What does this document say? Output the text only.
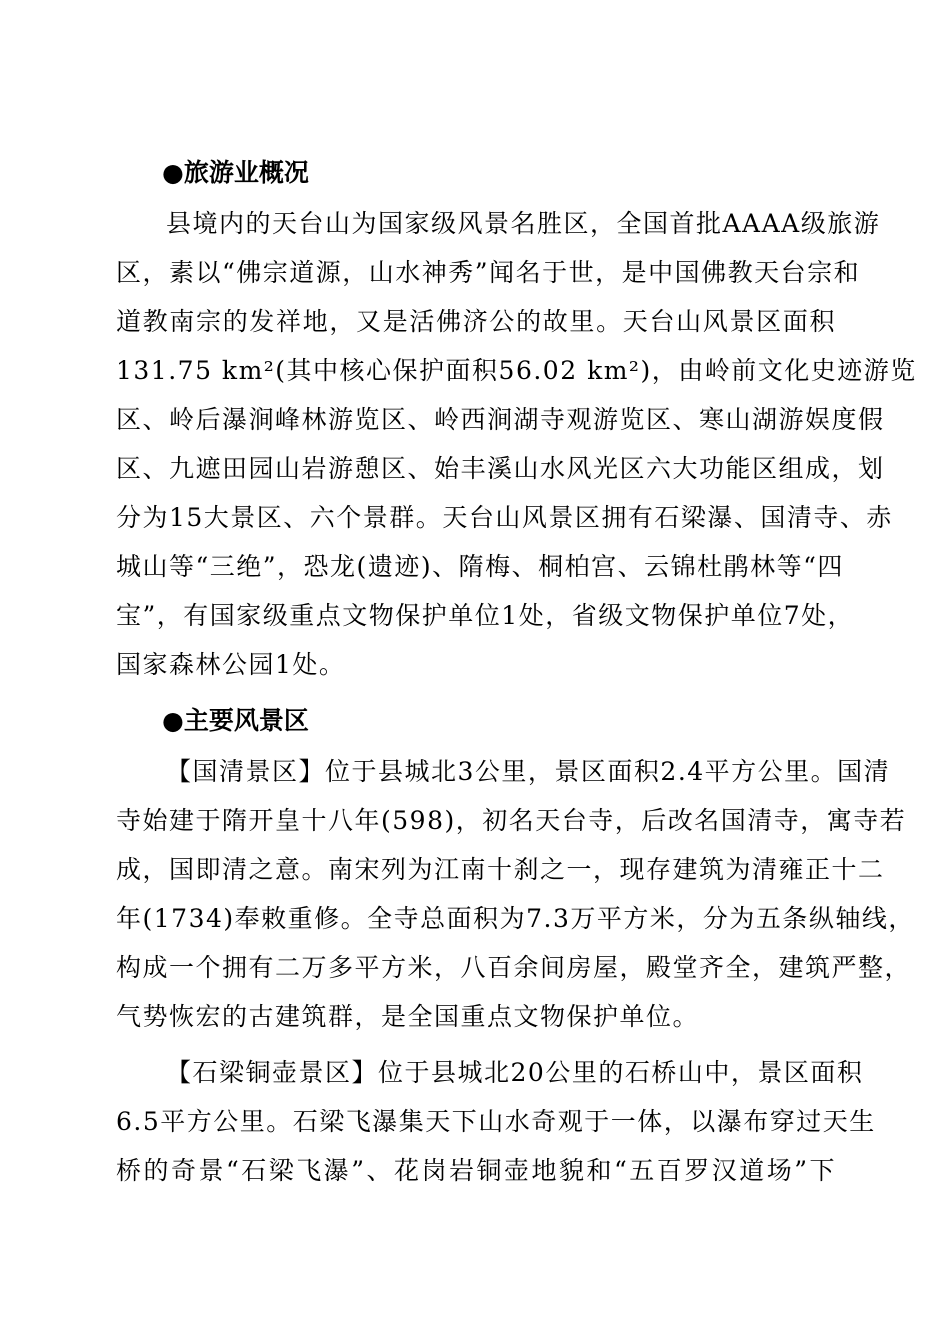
●旅游业概况
县境内的天台山为国家级风景名胜区，全国首批AAAA级旅游
区，素以“佛宗道源，山水神秀”闻名于世，是中国佛教天台宗和
道教南宗的发祥地，又是活佛济公的故里。天台山风景区面积
131.75 km²(其中核心保护面积56.02 km²)，由岭前文化史迹游览
区、岭后瀑涧峰林游览区、岭西涧湖寺观游览区、寒山湖游娱度假
区、九遮田园山岩游憩区、始丰溪山水风光区六大功能区组成，划
分为15大景区、六个景群。天台山风景区拥有石梁瀑、国清寺、赤
城山等“三绝”，恐龙(遗迹)、隋梅、桐柏宫、云锦杜鹃林等“四
宝”，有国家级重点文物保护单位1处，省级文物保护单位7处，
国家森林公园1处。
●主要风景区
【国清景区】位于县城北3公里，景区面积2.4平方公里。国清
寺始建于隋开皇十八年(598)，初名天台寺，后改名国清寺，寓寺若
成，国即清之意。南宋列为江南十刹之一，现存建筑为清雍正十二
年(1734)奉敕重修。全寺总面积为7.3万平方米，分为五条纵轴线，
构成一个拥有二万多平方米，八百余间房屋，殿堂齐全，建筑严整，
气势恢宏的古建筑群，是全国重点文物保护单位。
【石梁铜壶景区】位于县城北20公里的石桥山中，景区面积
6.5平方公里。石梁飞瀑集天下山水奇观于一体，以瀑布穿过天生
桥的奇景“石梁飞瀑”、花岗岩铜壶地貌和“五百罗汉道场”下
